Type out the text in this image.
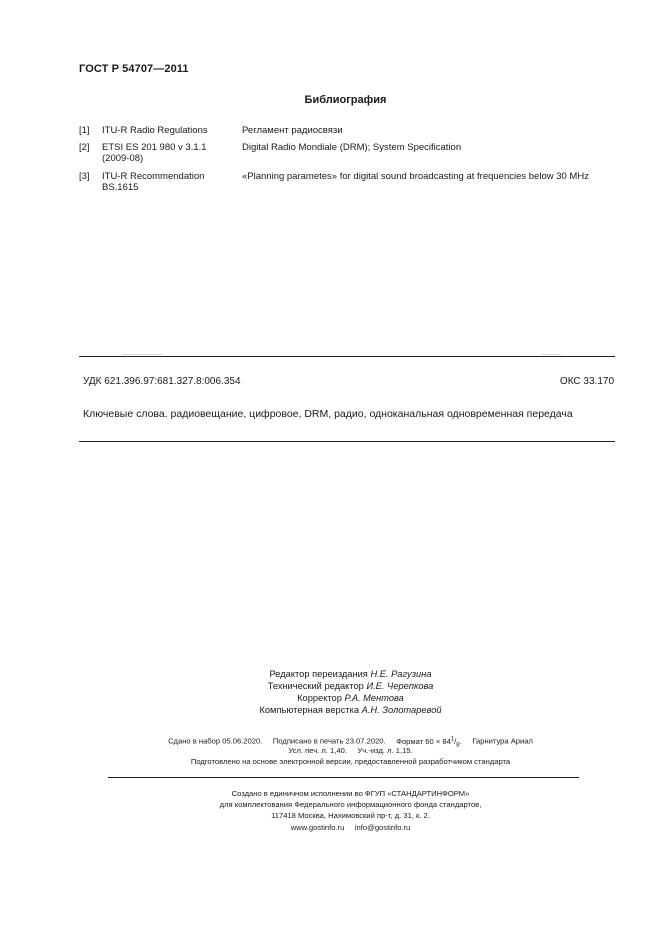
ГОСТ Р 54707—2011
Библиография
[1] ITU-R Radio Regulations	Регламент радиосвязи
[2] ETSI ES 201 980 v 3.1.1 (2009-08)
Digital Radio Mondiale (DRM); System Specification
[3] ITU-R Recommendation BS.1615
«Planning parametes» for digital sound broadcasting at frequencies below 30 MHz
УДК 621.396.97:681.327.8:006.354	ОКС 33.170
Ключевые слова. радиовещание, цифровое, DRM, радио, одноканальная одновременная передача
Редактор переиздания Н.Е. Рагузина
Технический редактор И.Е. Черепкова
Корректор Р.А. Ментова
Компьютерная верстка А.Н. Золотаревой
Сдано в набор 05.06.2020. Подписано в печать 23.07.2020. Формат $60 \times 84^1/_8$. Гарнитура Ариал
Усл. печ. л. 1,40. Уч.-изд. л. 1,15.
Подготовлено на основе электронной версии, предоставленной разработчиком стандарта
Создано в единичном исполнении во ФГУП «СТАНДАРТИНФОРМ»
для комплектования Федерального информационного фонда стандартов,
117418 Москва, Нахимовский пр-т, д. 31, к. 2.
www.gostinfo.ru info@gostinfo.ru
